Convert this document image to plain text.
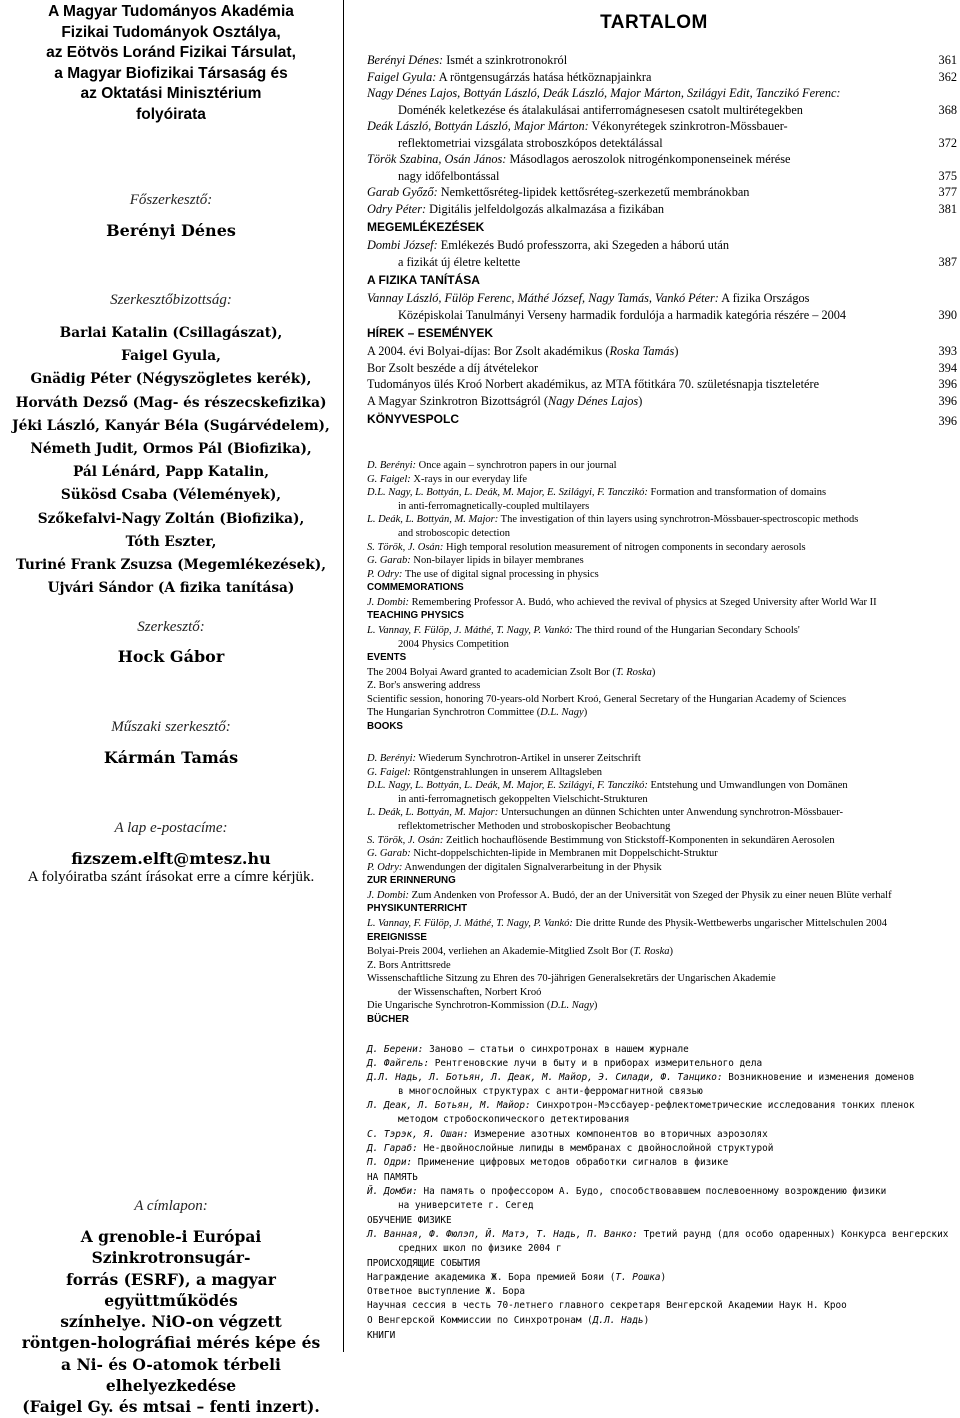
A Magyar Tudományos Akadémia
Fizikai Tudományok Osztálya,
az Eötvös Loránd Fizikai Társulat,
a Magyar Biofizikai Társaság és
az Oktatási Minisztérium
folyóirata
Főszerkesztő:
Berényi Dénes
Szerkesztőbizottság:
Barlai Katalin (Csillagászat),
Faigel Gyula,
Gnädig Péter (Négyszögletes kerék),
Horváth Dezső (Mag- és részecskefizika)
Jéki László, Kanyár Béla (Sugárvédelem),
Németh Judit, Ormos Pál (Biofizika),
Pál Lénárd, Papp Katalin,
Sükösd Csaba (Vélemények),
Szőkefalvi-Nagy Zoltán (Biofizika),
Tóth Eszter,
Turiné Frank Zsuzsa (Megemlékezések),
Ujvári Sándor (A fizika tanítása)
Szerkesztő:
Hock Gábor
Műszaki szerkesztő:
Kármán Tamás
A lap e-postacíme:
fizszem.elft@mtesz.hu
A folyóiratba szánt írásokat erre a címre kérjük.
A címlapon:
A grenoble-i Európai Szinkrotronsugár-
forrás (ESRF), a magyar együttműködés
színhelye. NiO-on végzett
röntgen-holográfiai mérés képe és
a Ni- és O-atomok térbeli elhelyezkedése
(Faigel Gy. és mtsai – fenti inzert).
TARTALOM
Berényi Dénes: Ismét a szinkrotronokról	361
Faigel Gyula: A röntgensugárzás hatása hétköznapjainkra	362
Nagy Dénes Lajos, Bottyán László, Deák László, Major Márton, Szilágyi Edit, Tanczikó Ferenc:
Doménék keletkezése és átalakulásai antiferromágnesesen csatolt multirétegekben	368
Deák László, Bottyán László, Major Márton: Vékonyrétegek szinkrotron-Mössbauer-
reflektometriai vizsgálata stroboszkópos detektálással	372
Török Szabina, Osán János: Másodlagos aeroszolok nitrogénkomponenseinek mérése
nagy időfelbontással	375
Garab Győző: Nemkettősréteg-lipidek kettősréteg-szerkezetű membránokban	377
Odry Péter: Digitális jelfeldolgozás alkalmazása a fizikában	381
MEGEMLÉKEZÉSEK
Dombi József: Emlékezés Budó professzorra, aki Szegeden a háború után
a fizikát új életre keltette	387
A FIZIKA TANÍTÁSA
Vannay László, Fülöp Ferenc, Máthé József, Nagy Tamás, Vankó Péter: A fizika Országos
Középiskolai Tanulmányi Verseny harmadik fordulója a harmadik kategória részére – 2004	390
HÍREK – ESEMÉNYEK
A 2004. évi Bolyai-díjas: Bor Zsolt akadémikus (Roska Tamás)	393
Bor Zsolt beszéde a díj átvételekor	394
Tudományos ülés Kroó Norbert akadémikus, az MTA főtitkára 70. születésnapja tiszteletére	396
A Magyar Szinkrotron Bizottságról (Nagy Dénes Lajos)	396
KÖNYVESPOLC	396
D. Berényi: Once again – synchrotron papers in our journal
G. Faigel: X-rays in our everyday life
D.L. Nagy, L. Bottyán, L. Deák, M. Major, E. Szilágyi, F. Tanczikó: Formation and transformation of domains
in anti-ferromagnetically-coupled multilayers
L. Deák, L. Bottyán, M. Major: The investigation of thin layers using synchrotron-Mössbauer-spectroscopic methods
and stroboscopic detection
S. Török, J. Osán: High temporal resolution measurement of nitrogen components in secondary aerosols
G. Garab: Non-bilayer lipids in bilayer membranes
P. Odry: The use of digital signal processing in physics
COMMEMORATIONS
J. Dombi: Remembering Professor A. Budó, who achieved the revival of physics at Szeged University after World War II
TEACHING PHYSICS
L. Vannay, F. Fülöp, J. Máthé, T. Nagy, P. Vankó: The third round of the Hungarian Secondary Schools'
2004 Physics Competition
EVENTS
The 2004 Bolyai Award granted to academician Zsolt Bor (T. Roska)
Z. Bor's answering address
Scientific session, honoring 70-years-old Norbert Kroó, General Secretary of the Hungarian Academy of Sciences
The Hungarian Synchrotron Committee (D.L. Nagy)
BOOKS
D. Berényi: Wiederum Synchrotron-Artikel in unserer Zeitschrift
G. Faigel: Röntgenstrahlungen in unserem Alltagsleben
D.L. Nagy, L. Bottyán, L. Deák, M. Major, E. Szilágyi, F. Tanczikó: Entstehung und Umwandlungen von Domänen
in anti-ferromagnetisch gekoppelten Vielschicht-Strukturen
L. Deák, L. Bottyán, M. Major: Untersuchungen an dünnen Schichten unter Anwendung synchrotron-Mössbauer-
reflektometrischer Methoden und stroboskopischer Beobachtung
S. Török, J. Osán: Zeitlich hochauflösende Bestimmung von Stickstoff-Komponenten in sekundären Aerosolen
G. Garab: Nicht-doppelschichten-lipide in Membranen mit Doppelschicht-Struktur
P. Odry: Anwendungen der digitalen Signalverarbeitung in der Physik
ZUR ERINNERUNG
J. Dombi: Zum Andenken von Professor A. Budó, der an der Universität von Szeged der Physik zu einer neuen Blüte verhalf
PHYSIKUNTERRICHT
L. Vannay, F. Fülöp, J. Máthé, T. Nagy, P. Vankó: Die dritte Runde des Physik-Wettbewerbs ungarischer Mittelschulen 2004
EREIGNISSE
Bolyai-Preis 2004, verliehen an Akademie-Mitglied Zsolt Bor (T. Roska)
Z. Bors Antrittsrede
Wissenschaftliche Sitzung zu Ehren des 70-jährigen Generalsekretärs der Ungarischen Akademie
der Wissenschaften, Norbert Kroó
Die Ungarische Synchrotron-Kommission (D.L. Nagy)
BÜCHER
Д. Берени: Заново – статьи о синхротронах в нашем журнале
Д. Файгель: Рентгеновские лучи в быту и в приборах измерительного дела
Д.Л. Надь, Л. Ботьян, Л. Деак, М. Майор, Э. Силади, Ф. Танцико: Возникновение и изменения доменов
в многослойных структурах с анти-ферромагнитной связью
Л. Деак, Л. Ботьян, М. Майор: Синхротрон-Мэссбауер-рефлектометрические исследования тонких пленок
методом стробоскопического детектирования
С. Тэрэк, Я. Ошан: Измерение азотных компонентов во вторичных аэрозолях
Д. Гараб: Не-двойнослойные липиды в мембранах с двойнослойной структурой
П. Одри: Применение цифровых методов обработки сигналов в физике
НА ПАМЯТЬ
Й. Домби: На память о профессором А. Будо, способствовавшем послевоенному возрождению физики
на университете г. Сегед
ОБУЧЕНИЕ ФИЗИКЕ
Л. Ванная, Ф. Фюлэп, Й. Матэ, Т. Надь, П. Ванко: Третий раунд (для особо одаренных) Конкурса венгерских
средних школ по физике 2004 г
ПРОИСХОДЯЩИЕ СОБЫТИЯ
Награждение академика Ж. Бора премией Бояи (Т. Рошка)
Ответное выступление Ж. Бора
Научная сессия в честь 70-летнего главного секретаря Венгерской Академии Наук Н. Кроо
О Венгерской Коммиссии по Синхротронам (Д.Л. Надь)
КНИГИ
